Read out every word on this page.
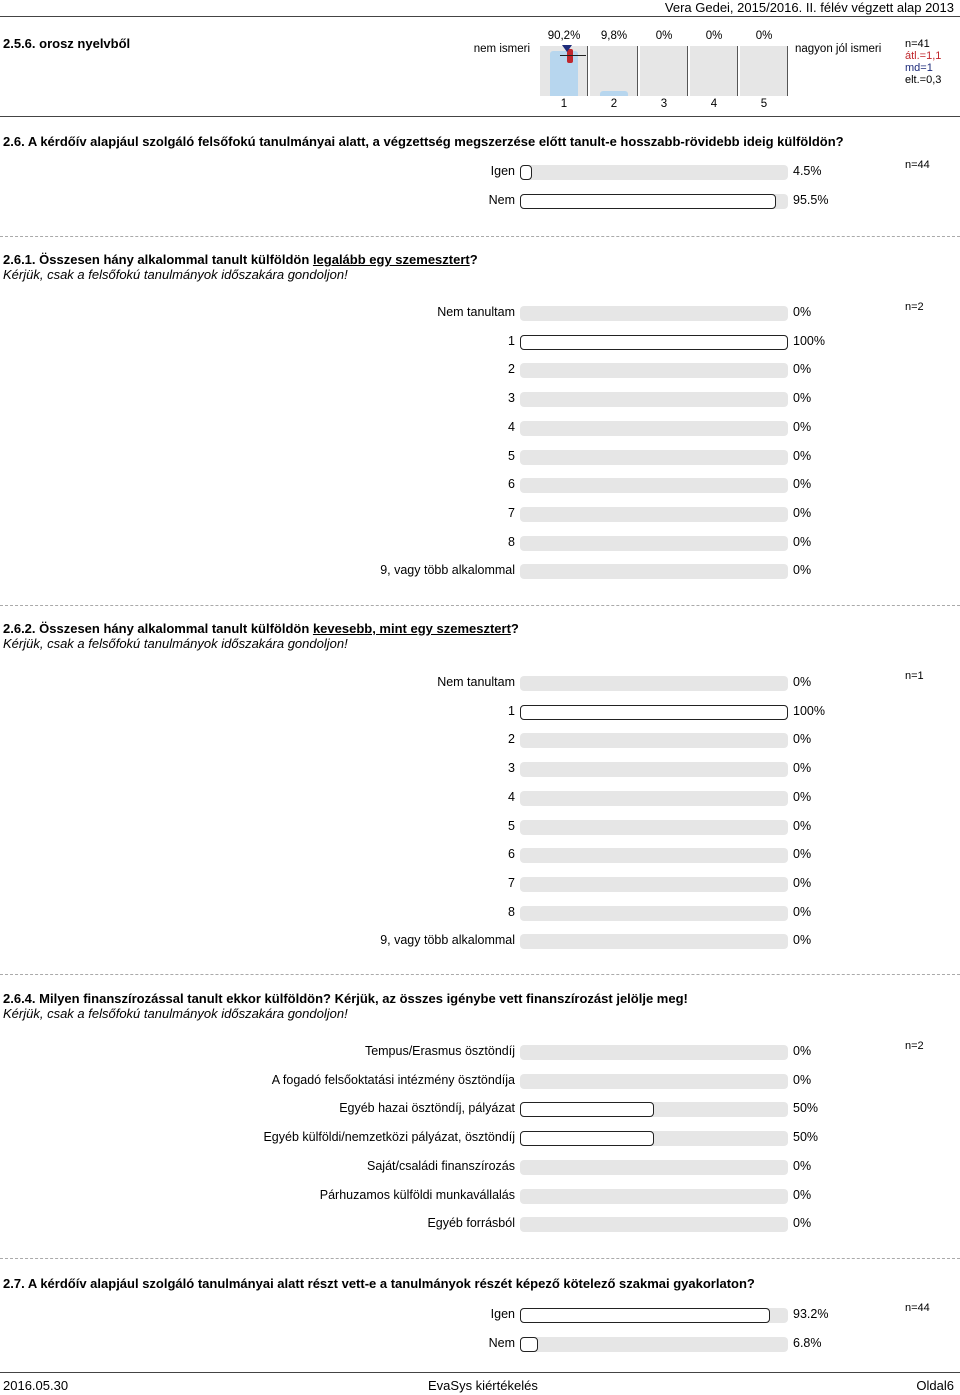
Vera Gedei, 2015/2016. II. félév végzett alap 2013
2.5.6. orosz nyelvből	nem ismeri	nagyon jól ismeri
90,2%
1
9,8%
2
0%
3
0%
4
0%
5
n=41
átl.=1,1
md=1
elt.=0,3
2.6. A kérdőív alapjául szolgáló felsőfokú tanulmányai alatt, a végzettség megszerzése előtt tanult-e hosszabb-rövidebb ideig külföldön?
n=44
Igen	4.5%
Nem	95.5%
2.6.1. Összesen hány alkalommal tanult külföldön legalább egy szemesztert?
Kérjük, csak a felsőfokú tanulmányok időszakára gondoljon!
n=2
Nem tanultam	0%
1	100%
2	0%
3	0%
4	0%
5	0%
6	0%
7	0%
8	0%
9, vagy több alkalommal	0%
2.6.2. Összesen hány alkalommal tanult külföldön kevesebb, mint egy szemesztert?
Kérjük, csak a felsőfokú tanulmányok időszakára gondoljon!
n=1
Nem tanultam	0%
1	100%
2	0%
3	0%
4	0%
5	0%
6	0%
7	0%
8	0%
9, vagy több alkalommal	0%
2.6.4. Milyen finanszírozással tanult ekkor külföldön? Kérjük, az összes igénybe vett finanszírozást jelölje meg!
Kérjük, csak a felsőfokú tanulmányok időszakára gondoljon!
n=2
Tempus/Erasmus ösztöndíj	0%
A fogadó felsőoktatási intézmény ösztöndíja	0%
Egyéb hazai ösztöndíj, pályázat	50%
Egyéb külföldi/nemzetközi pályázat, ösztöndíj	50%
Saját/családi finanszírozás	0%
Párhuzamos külföldi munkavállalás	0%
Egyéb forrásból	0%
2.7. A kérdőív alapjául szolgáló tanulmányai alatt részt vett-e a tanulmányok részét képező kötelező szakmai gyakorlaton?
n=44
Igen	93.2%
Nem	6.8%
2016.05.30	EvaSys kiértékelés	Oldal6
